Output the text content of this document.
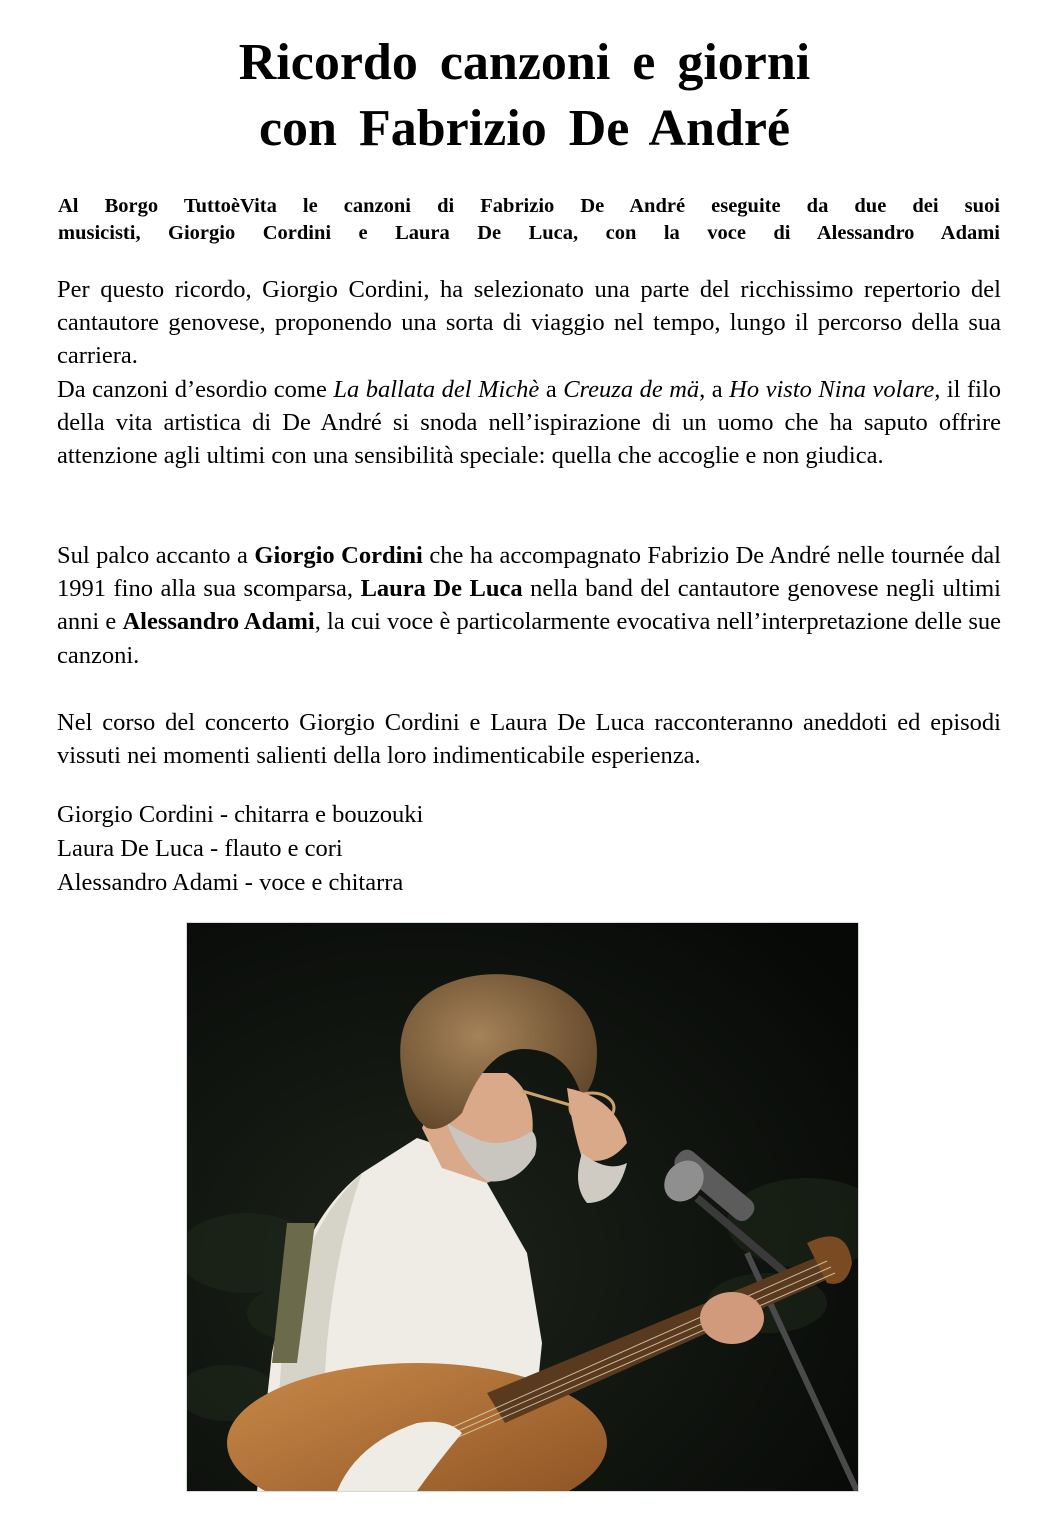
Ricordo canzoni e giorni
con Fabrizio De André
Al Borgo TuttoèVita le canzoni di Fabrizio De André eseguite da due dei suoi
musicisti, Giorgio Cordini e Laura De Luca, con la voce di Alessandro Adami
Per questo ricordo, Giorgio Cordini, ha selezionato una parte del ricchissimo repertorio del cantautore genovese, proponendo una sorta di viaggio nel tempo, lungo il percorso della sua carriera.
Da canzoni d’esordio come La ballata del Michè a Creuza de mä, a Ho visto Nina volare, il filo della vita artistica di De André si snoda nell’ispirazione di un uomo che ha saputo offrire attenzione agli ultimi con una sensibilità speciale: quella che accoglie e non giudica.
Sul palco accanto a Giorgio Cordini che ha accompagnato Fabrizio De André nelle tournée dal 1991 fino alla sua scomparsa, Laura De Luca nella band del cantautore genovese negli ultimi anni e Alessandro Adami, la cui voce è particolarmente evocativa nell’interpretazione delle sue canzoni.
Nel corso del concerto Giorgio Cordini e Laura De Luca racconteranno aneddoti ed episodi vissuti nei momenti salienti della loro indimenticabile esperienza.
Giorgio Cordini - chitarra e bouzouki
Laura De Luca - flauto e cori
Alessandro Adami - voce e chitarra
